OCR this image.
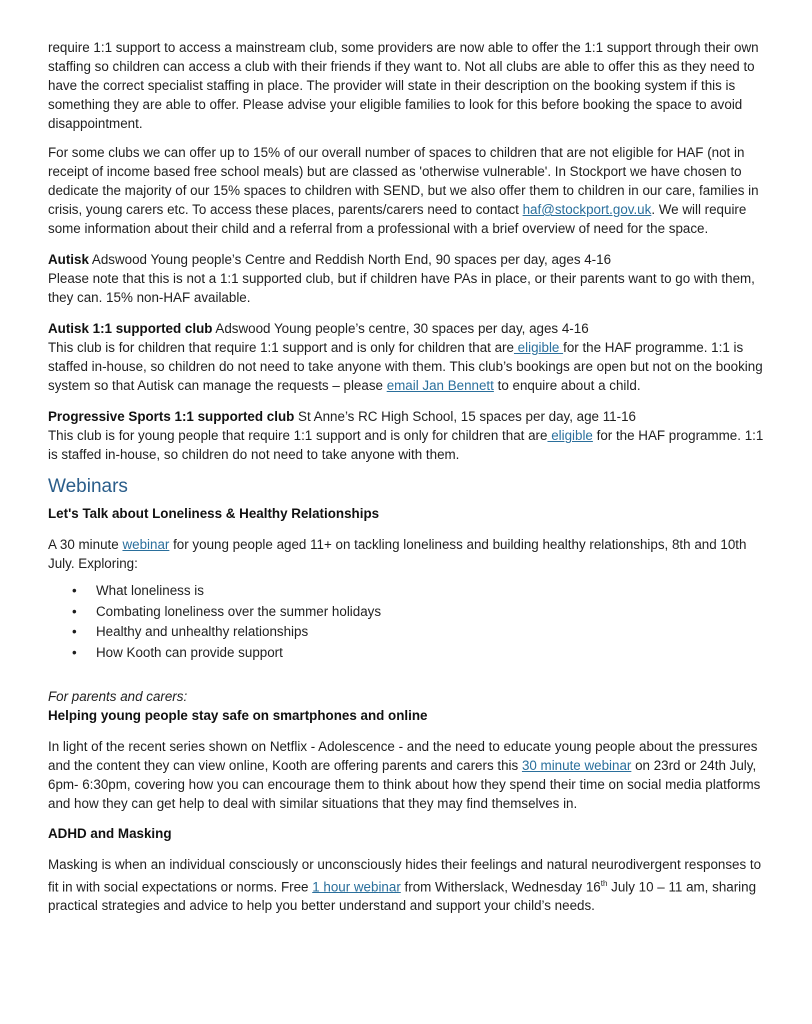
require 1:1 support to access a mainstream club, some providers are now able to offer the 1:1 support through their own staffing so children can access a club with their friends if they want to. Not all clubs are able to offer this as they need to have the correct specialist staffing in place. The provider will state in their description on the booking system if this is something they are able to offer. Please advise your eligible families to look for this before booking the space to avoid disappointment.

For some clubs we can offer up to 15% of our overall number of spaces to children that are not eligible for HAF (not in receipt of income based free school meals) but are classed as 'otherwise vulnerable'. In Stockport we have chosen to dedicate the majority of our 15% spaces to children with SEND, but we also offer them to children in our care, families in crisis, young carers etc. To access these places, parents/carers need to contact haf@stockport.gov.uk. We will require some information about their child and a referral from a professional with a brief overview of need for the space.

Autisk Adswood Young people’s Centre and Reddish North End, 90 spaces per day, ages 4-16
Please note that this is not a 1:1 supported club, but if children have PAs in place, or their parents want to go with them, they can. 15% non-HAF available.

Autisk 1:1 supported club Adswood Young people’s centre, 30 spaces per day, ages 4-16
This club is for children that require 1:1 support and is only for children that are eligible for the HAF programme. 1:1 is staffed in-house, so children do not need to take anyone with them. This club’s bookings are open but not on the booking system so that Autisk can manage the requests – please email Jan Bennett to enquire about a child.

Progressive Sports 1:1 supported club St Anne’s RC High School, 15 spaces per day, age 11-16
This club is for young people that require 1:1 support and is only for children that are eligible for the HAF programme. 1:1 is staffed in-house, so children do not need to take anyone with them.

Webinars
Let's Talk about Loneliness & Healthy Relationships

A 30 minute webinar for young people aged 11+ on tackling loneliness and building healthy relationships, 8th and 10th July. Exploring:

• What loneliness is
• Combating loneliness over the summer holidays
• Healthy and unhealthy relationships
• How Kooth can provide support

For parents and carers:

Helping young people stay safe on smartphones and online

In light of the recent series shown on Netflix - Adolescence - and the need to educate young people about the pressures and the content they can view online, Kooth are offering parents and carers this 30 minute webinar on 23rd or 24th July, 6pm- 6:30pm, covering how you can encourage them to think about how they spend their time on social media platforms and how they can get help to deal with similar situations that they may find themselves in.

ADHD and Masking

Masking is when an individual consciously or unconsciously hides their feelings and natural neurodivergent responses to fit in with social expectations or norms. Free 1 hour webinar from Witherslack, Wednesday 16th July 10 – 11 am, sharing practical strategies and advice to help you better understand and support your child’s needs.
